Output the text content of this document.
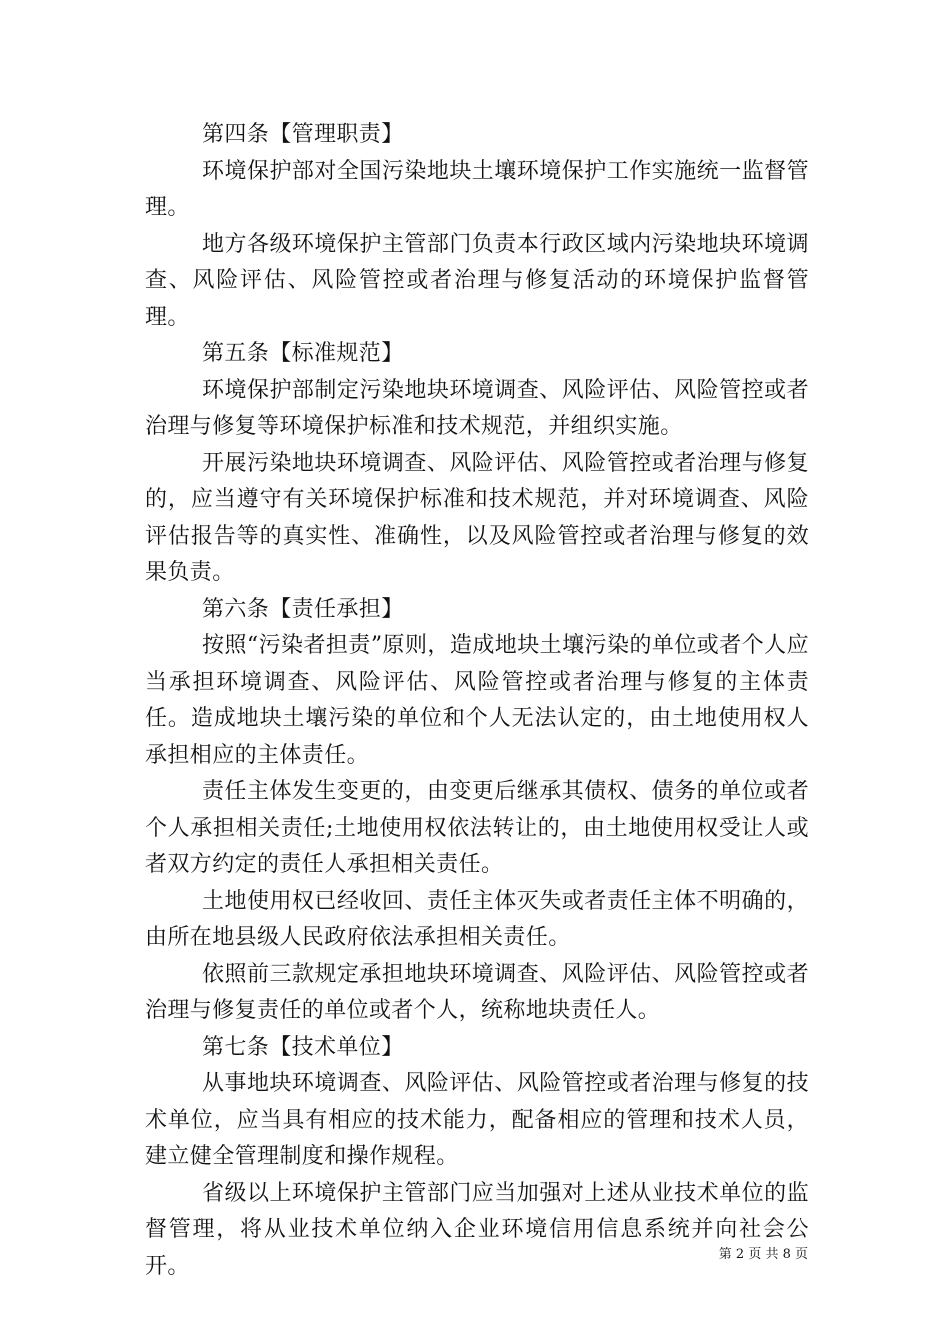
第四条【管理职责】

环境保护部对全国污染地块土壤环境保护工作实施统一监督管理。

地方各级环境保护主管部门负责本行政区域内污染地块环境调查、风险评估、风险管控或者治理与修复活动的环境保护监督管理。

第五条【标准规范】

环境保护部制定污染地块环境调查、风险评估、风险管控或者治理与修复等环境保护标准和技术规范，并组织实施。

开展污染地块环境调查、风险评估、风险管控或者治理与修复的，应当遵守有关环境保护标准和技术规范，并对环境调查、风险评估报告等的真实性、准确性，以及风险管控或者治理与修复的效果负责。

第六条【责任承担】

按照“污染者担责”原则，造成地块土壤污染的单位或者个人应当承担环境调查、风险评估、风险管控或者治理与修复的主体责任。造成地块土壤污染的单位和个人无法认定的，由土地使用权人承担相应的主体责任。

责任主体发生变更的，由变更后继承其债权、债务的单位或者个人承担相关责任;土地使用权依法转让的，由土地使用权受让人或者双方约定的责任人承担相关责任。

土地使用权已经收回、责任主体灭失或者责任主体不明确的，由所在地县级人民政府依法承担相关责任。

依照前三款规定承担地块环境调查、风险评估、风险管控或者治理与修复责任的单位或者个人，统称地块责任人。

第七条【技术单位】

从事地块环境调查、风险评估、风险管控或者治理与修复的技术单位，应当具有相应的技术能力，配备相应的管理和技术人员，建立健全管理制度和操作规程。

省级以上环境保护主管部门应当加强对上述从业技术单位的监督管理，将从业技术单位纳入企业环境信用信息系统并向社会公开。	第 2 页 共 8 页
